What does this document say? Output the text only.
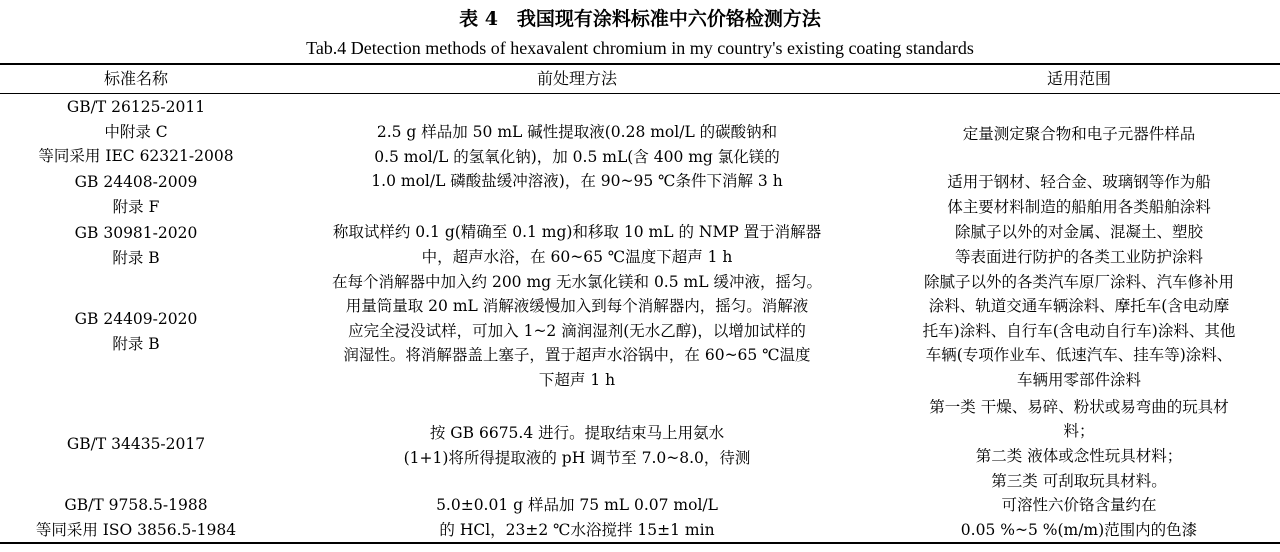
表 4　我国现有涂料标准中六价铬检测方法
Tab.4 Detection methods of hexavalent chromium in my country's existing coating standards
标准名称	前处理方法	适用范围
GB/T 26125-2011
中附录 C
等同采用 IEC 62321-2008
2.5 g 样品加 50 mL 碱性提取液(0.28 mol/L 的碳酸钠和
0.5 mol/L 的氢氧化钠)，加 0.5 mL(含 400 mg 氯化镁的
1.0 mol/L 磷酸盐缓冲溶液)，在 90~95 ℃条件下消解 3 h
定量测定聚合物和电子元器件样品
GB 24408-2009
附录 F
适用于钢材、轻合金、玻璃钢等作为船
体主要材料制造的船舶用各类船舶涂料
GB 30981-2020
附录 B
称取试样约 0.1 g(精确至 0.1 mg)和移取 10 mL 的 NMP 置于消解器
中，超声水浴，在 60~65 ℃温度下超声 1 h
除腻子以外的对金属、混凝土、塑胶
等表面进行防护的各类工业防护涂料
GB 24409-2020
附录 B
在每个消解器中加入约 200 mg 无水氯化镁和 0.5 mL 缓冲液，摇匀。
用量筒量取 20 mL 消解液缓慢加入到每个消解器内，摇匀。消解液
应完全浸没试样，可加入 1~2 滴润湿剂(无水乙醇)，以增加试样的
润湿性。将消解器盖上塞子，置于超声水浴锅中，在 60~65 ℃温度
下超声 1 h
除腻子以外的各类汽车原厂涂料、汽车修补用
涂料、轨道交通车辆涂料、摩托车(含电动摩
托车)涂料、自行车(含电动自行车)涂料、其他
车辆(专项作业车、低速汽车、挂车等)涂料、
车辆用零部件涂料
GB/T 34435-2017
按 GB 6675.4 进行。提取结束马上用氨水
(1+1)将所得提取液的 pH 调节至 7.0~8.0，待测
第一类 干燥、易碎、粉状或易弯曲的玩具材
料；
第二类 液体或念性玩具材料；
第三类 可刮取玩具材料。
GB/T 9758.5-1988
等同采用 ISO 3856.5-1984
5.0±0.01 g 样品加 75 mL 0.07 mol/L
的 HCl，23±2 ℃水浴搅拌 15±1 min
可溶性六价铬含量约在
0.05 %~5 %(m/m)范围内的色漆
